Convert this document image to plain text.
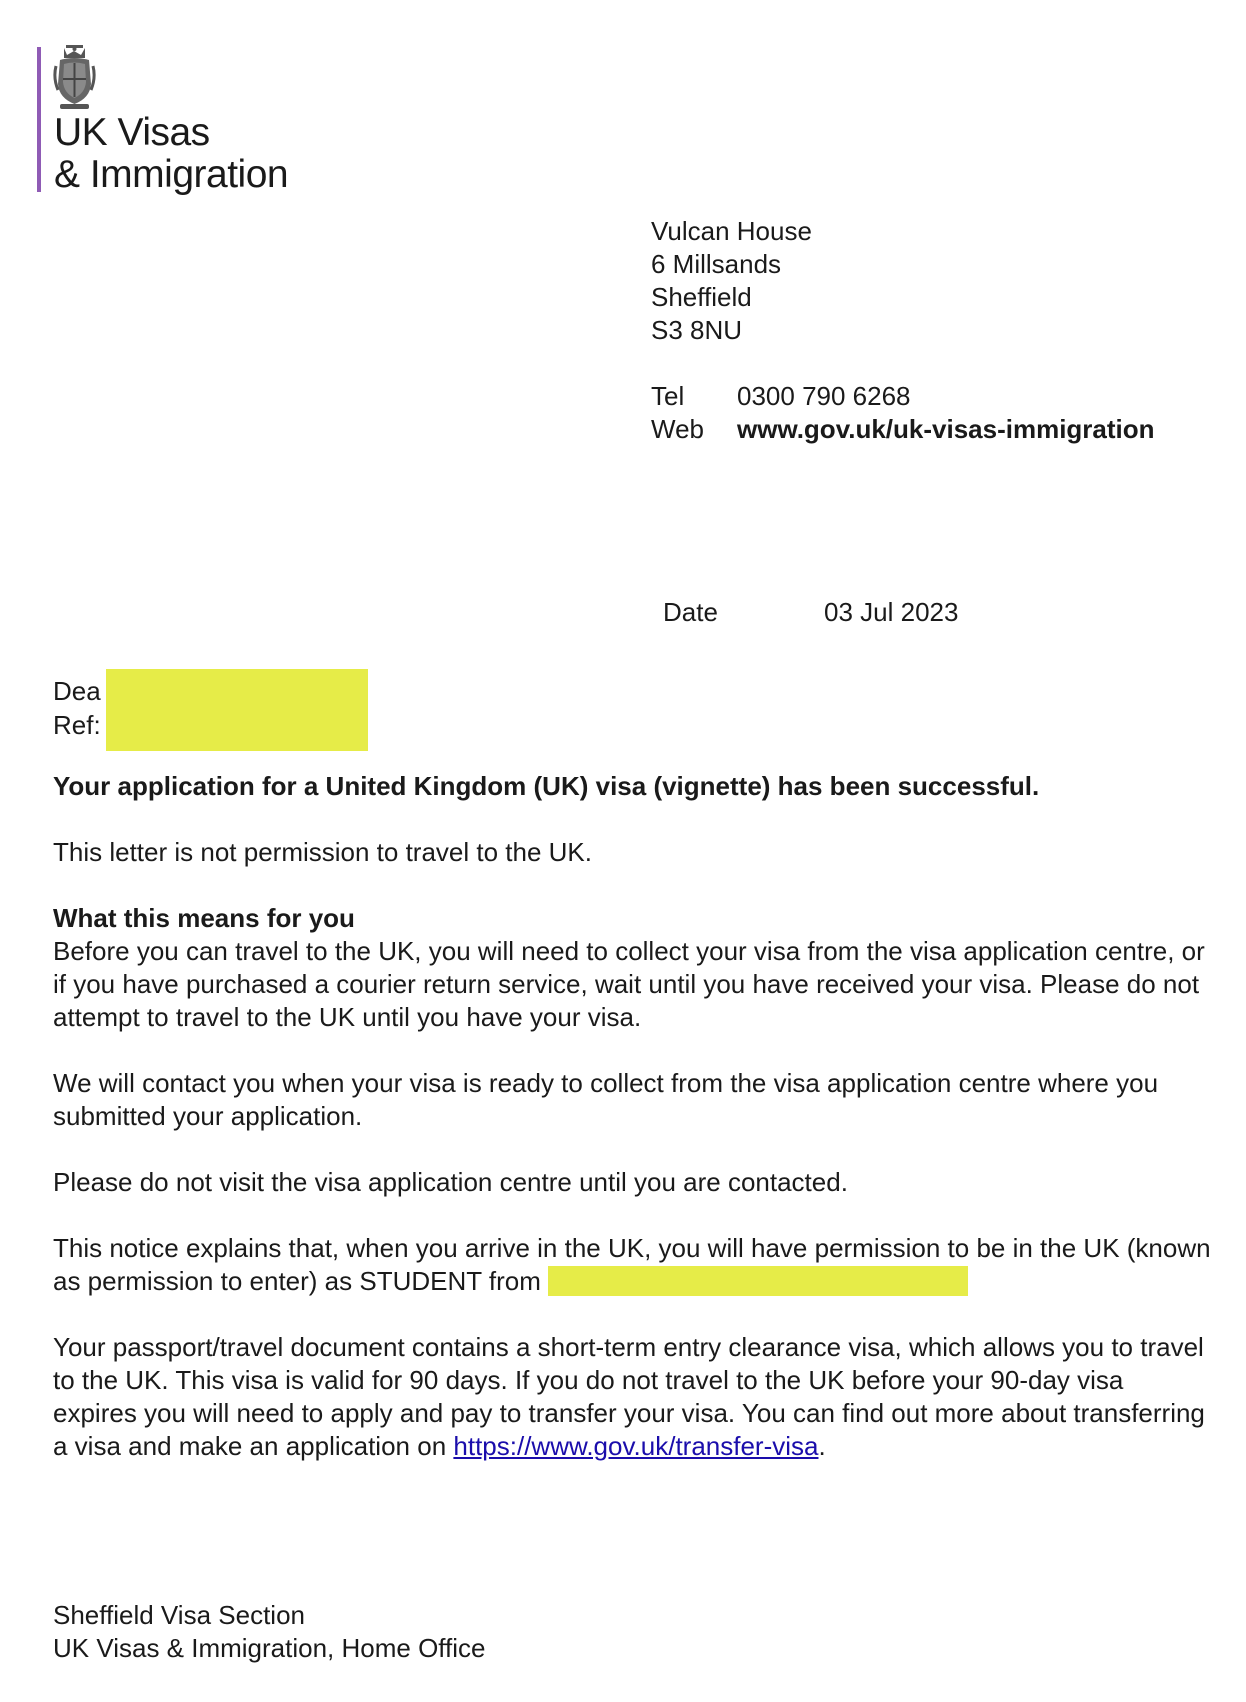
UK Visas
& Immigration
Vulcan House
6 Millsands
Sheffield
S3 8NU
Tel	0300 790 6268
Web	www.gov.uk/uk-visas-immigration
Date	03 Jul 2023
Dea
Ref:

Your application for a United Kingdom (UK) visa (vignette) has been successful.

This letter is not permission to travel to the UK.

What this means for you

Before you can travel to the UK, you will need to collect your visa from the visa application centre, or if you have purchased a courier return service, wait until you have received your visa. Please do not attempt to travel to the UK until you have your visa.

We will contact you when your visa is ready to collect from the visa application centre where you submitted your application.

Please do not visit the visa application centre until you are contacted.

This notice explains that, when you arrive in the UK, you will have permission to be in the UK (known as permission to enter) as STUDENT from

Your passport/travel document contains a short-term entry clearance visa, which allows you to travel to the UK. This visa is valid for 90 days. If you do not travel to the UK before your 90-day visa expires you will need to apply and pay to transfer your visa. You can find out more about transferring a visa and make an application on https://www.gov.uk/transfer-visa.

Sheffield Visa Section
UK Visas & Immigration, Home Office
